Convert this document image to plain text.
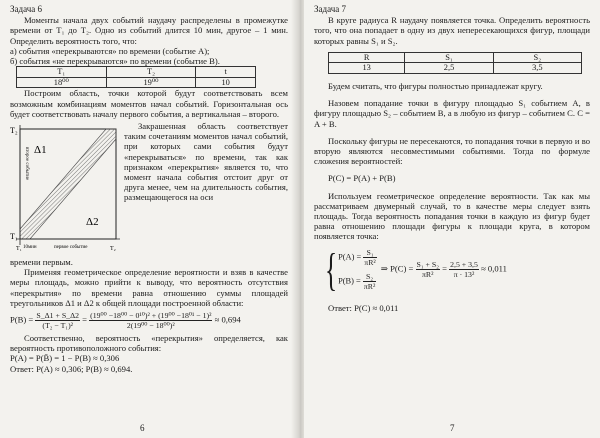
Задача 6

Моменты начала двух событий наудачу распределены в промежутке времени от T₁ до T₂. Одно из событий длится 10 мин, другое – 1 мин. Определить вероятность того, что:

а) события «перекрываются» по времени (событие A);

б) события «не перекрываются» по времени (событие B).

T₁	T₂	t
18⁰⁰	19⁰⁰	10

Построим область, точки которой будут соответствовать всем возможным комбинациям моментов начал событий. Горизонтальная ось будет соответствовать началу первого события, а вертикальная – второго.

T₂
T₁
Δ1
Δ2
T₁ 10мин	первое событие	T₂
второе событие

Закрашенная область соответствует таким сочетаниям моментов начал событий, при которых сами события будут «перекрываться» по времени, так как признаком «перекрытия» является то, что момент начала события отстоит друг от друга менее, чем на длительность события, размещающегося на оси

времени первым.

Применяя геометрическое определение вероятности и взяв в качестве меры площадь, можно прийти к выводу, что вероятность отсутствия «перекрытия» по времени равна отношению суммы площадей треугольников Δ1 и Δ2 к общей площади построенной области:

$P(B) = \frac{S\_\Delta 1 + S\_\Delta 2}{\text{(T₂ − T₁)²}} = \frac{\text{(19⁰⁰ −18⁰⁰ − 0¹⁰)² + (19⁰⁰ −18⁰¹ − 1)²}}{\text{2(19⁰⁰ − 18⁰⁰)²}} \approx 0,694$

Соответственно, вероятность «перекрытия» определяется, как вероятность противоположного события:

P(A) = P(B̄) = 1 − P(B) ≈ 0,306

Ответ: P(A) ≈ 0,306; P(B) ≈ 0,694.

6
Задача 7

В круге радиуса R наудачу появляется точка. Определить вероятность того, что она попадает в одну из двух непересекающихся фигур, площади которых равны S₁ и S₂.

R	S₁	S₂
13	2,5	3,5

Будем считать, что фигуры полностью принадлежат кругу.

Назовем попадание точки в фигуру площадью S₁ событием A, в фигуру площадью S₂ – событием B, а в любую из фигур – событием C. C = A + B.

Поскольку фигуры не пересекаются, то попадания точки в первую и во вторую являются несовместимыми событиями. Тогда по формуле сложения вероятностей:

P(C) = P(A) + P(B)

Используем геометрическое определение вероятности. Так как мы рассматриваем двумерный случай, то в качестве меры следует взять площадь. Тогда вероятность попадания точки в каждую из фигур будет равна отношению площади фигуры к площади круга, в котором появляется точка:

{ $P(A) = \frac{\text{S₁}}{\text{πR²}}$
$P(B) = \frac{\text{S₂}}{\text{πR²}}$
⇒ $P(C) = \frac{\text{S₁ + S₂}}{\text{πR²}} = \frac{2,5 + 3,5}{\text{π · 13²}} \approx 0,011$

Ответ: P(C) ≈ 0,011

7
